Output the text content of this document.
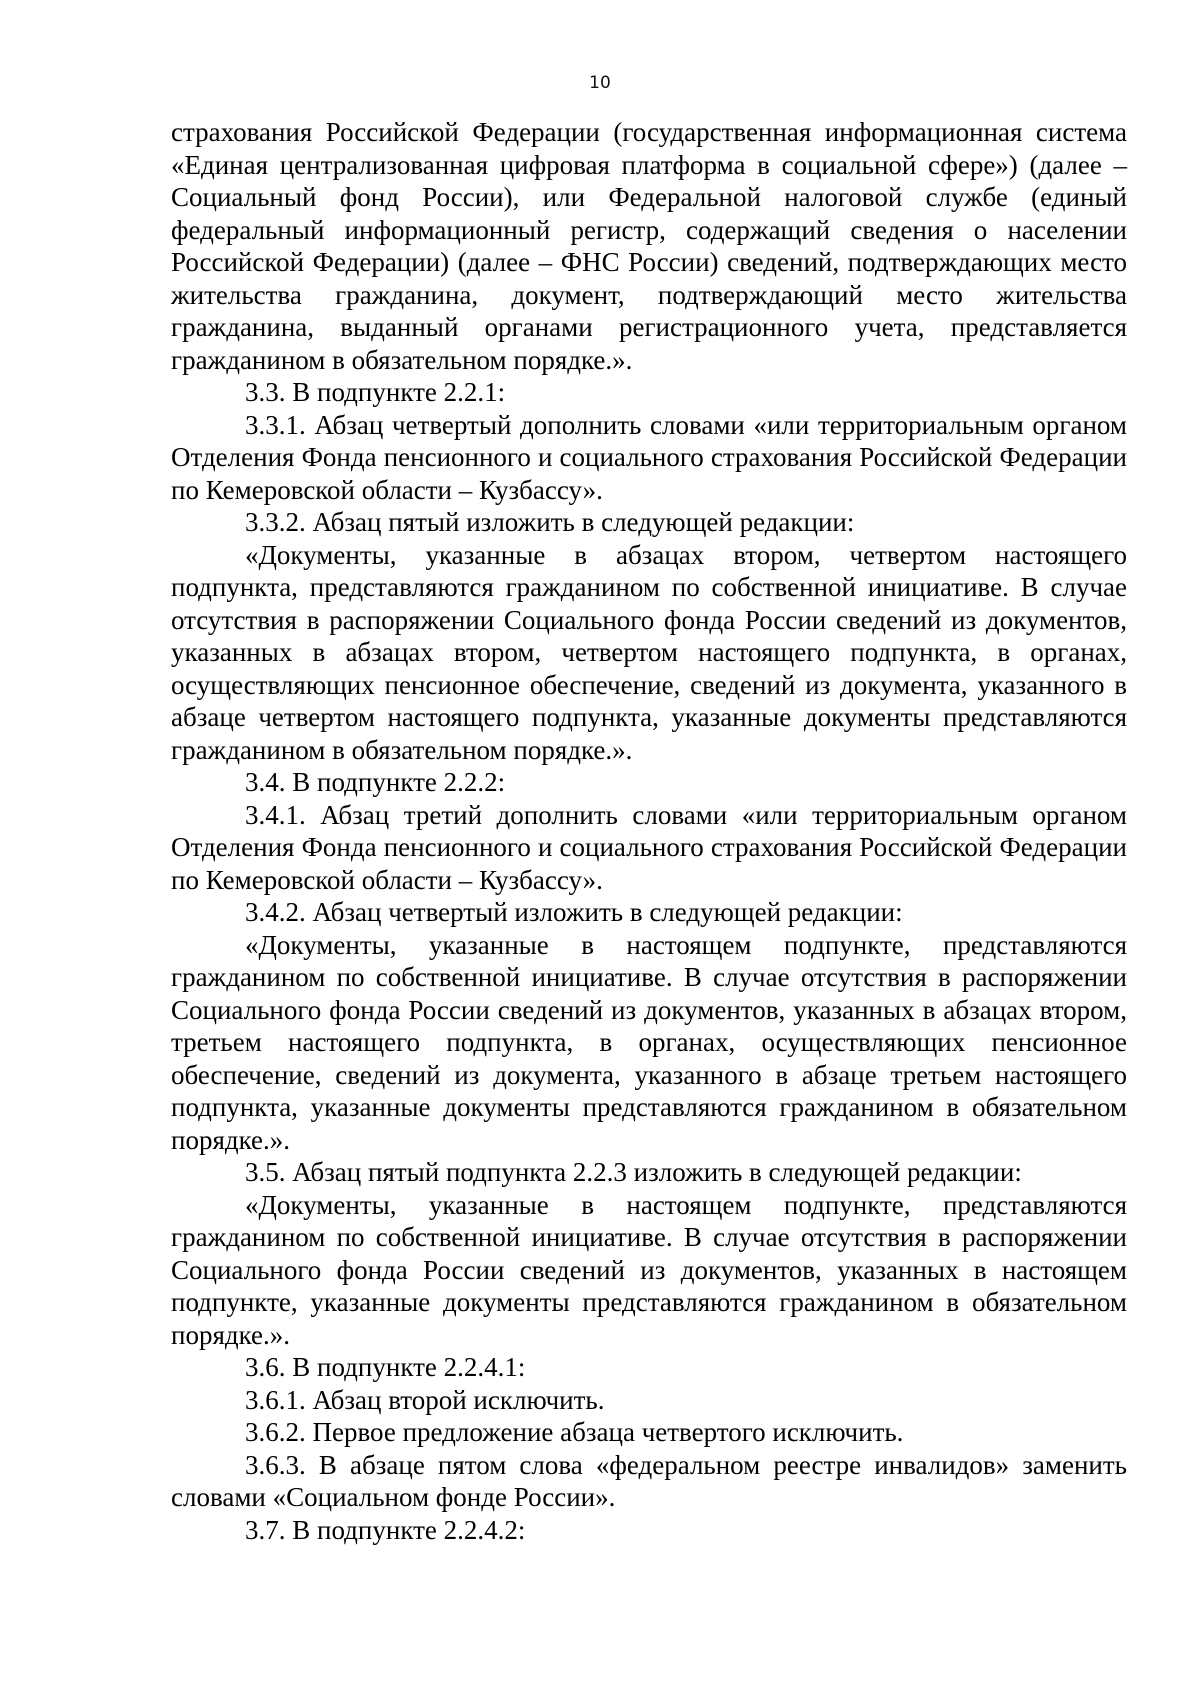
10

страхования Российской Федерации (государственная информационная система «Единая централизованная цифровая платформа в социальной сфере») (далее – Социальный фонд России), или Федеральной налоговой службе (единый федеральный информационный регистр, содержащий сведения о населении Российской Федерации) (далее – ФНС России) сведений, подтверждающих место жительства гражданина, документ, подтверждающий место жительства гражданина, выданный органами регистрационного учета, представляется гражданином в обязательном порядке.».

3.3. В подпункте 2.2.1:

3.3.1. Абзац четвертый дополнить словами «или территориальным органом Отделения Фонда пенсионного и социального страхования Российской Федерации по Кемеровской области – Кузбассу».

3.3.2. Абзац пятый изложить в следующей редакции:

«Документы, указанные в абзацах втором, четвертом настоящего подпункта, представляются гражданином по собственной инициативе. В случае отсутствия в распоряжении Социального фонда России сведений из документов, указанных в абзацах втором, четвертом настоящего подпункта, в органах, осуществляющих пенсионное обеспечение, сведений из документа, указанного в абзаце четвертом настоящего подпункта, указанные документы представляются гражданином в обязательном порядке.».

3.4. В подпункте 2.2.2:

3.4.1. Абзац третий дополнить словами «или территориальным органом Отделения Фонда пенсионного и социального страхования Российской Федерации по Кемеровской области – Кузбассу».

3.4.2. Абзац четвертый изложить в следующей редакции:

«Документы, указанные в настоящем подпункте, представляются гражданином по собственной инициативе. В случае отсутствия в распоряжении Социального фонда России сведений из документов, указанных в абзацах втором, третьем настоящего подпункта, в органах, осуществляющих пенсионное обеспечение, сведений из документа, указанного в абзаце третьем настоящего подпункта, указанные документы представляются гражданином в обязательном порядке.».

3.5. Абзац пятый подпункта 2.2.3 изложить в следующей редакции:

«Документы, указанные в настоящем подпункте, представляются гражданином по собственной инициативе. В случае отсутствия в распоряжении Социального фонда России сведений из документов, указанных в настоящем подпункте, указанные документы представляются гражданином в обязательном порядке.».

3.6. В подпункте 2.2.4.1:

3.6.1. Абзац второй исключить.

3.6.2. Первое предложение абзаца четвертого исключить.

3.6.3. В абзаце пятом слова «федеральном реестре инвалидов» заменить словами «Социальном фонде России».

3.7. В подпункте 2.2.4.2:
